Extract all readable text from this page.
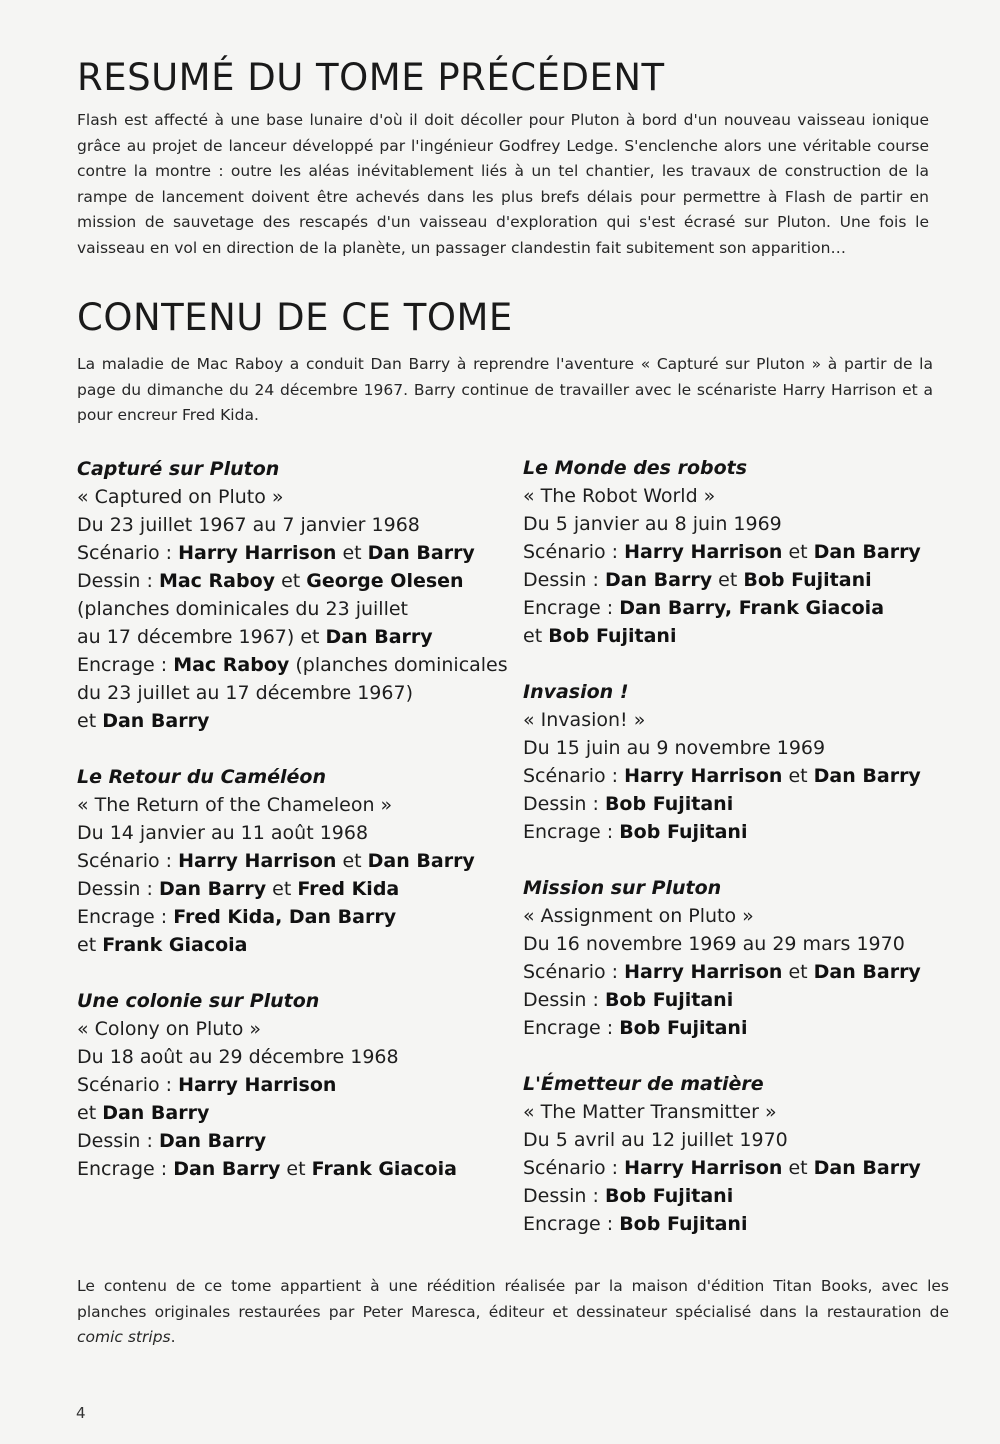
RESUMÉ DU TOME PRÉCÉDENT

Flash est affecté à une base lunaire d'où il doit décoller pour Pluton à bord d'un nouveau vaisseau ionique grâce au projet de lanceur développé par l'ingénieur Godfrey Ledge. S'enclenche alors une véritable course contre la montre : outre les aléas inévitablement liés à un tel chantier, les travaux de construction de la rampe de lancement doivent être achevés dans les plus brefs délais pour permettre à Flash de partir en mission de sauvetage des rescapés d'un vaisseau d'exploration qui s'est écrasé sur Pluton. Une fois le vaisseau en vol en direction de la planète, un passager clandestin fait subitement son apparition…

CONTENU DE CE TOME

La maladie de Mac Raboy a conduit Dan Barry à reprendre l'aventure « Capturé sur Pluton » à partir de la page du dimanche du 24 décembre 1967. Barry continue de travailler avec le scénariste Harry Harrison et a pour encreur Fred Kida.

Capturé sur Pluton
« Captured on Pluto »
Du 23 juillet 1967 au 7 janvier 1968
Scénario : Harry Harrison et Dan Barry
Dessin : Mac Raboy et George Olesen
(planches dominicales du 23 juillet
au 17 décembre 1967) et Dan Barry
Encrage : Mac Raboy (planches dominicales
du 23 juillet au 17 décembre 1967)
et Dan Barry
Le Retour du Caméléon
« The Return of the Chameleon »
Du 14 janvier au 11 août 1968
Scénario : Harry Harrison et Dan Barry
Dessin : Dan Barry et Fred Kida
Encrage : Fred Kida, Dan Barry
et Frank Giacoia
Une colonie sur Pluton
« Colony on Pluto »
Du 18 août au 29 décembre 1968
Scénario : Harry Harrison
et Dan Barry
Dessin : Dan Barry
Encrage : Dan Barry et Frank Giacoia
Le Monde des robots
« The Robot World »
Du 5 janvier au 8 juin 1969
Scénario : Harry Harrison et Dan Barry
Dessin : Dan Barry et Bob Fujitani
Encrage : Dan Barry, Frank Giacoia
et Bob Fujitani
Invasion !
« Invasion! »
Du 15 juin au 9 novembre 1969
Scénario : Harry Harrison et Dan Barry
Dessin : Bob Fujitani
Encrage : Bob Fujitani
Mission sur Pluton
« Assignment on Pluto »
Du 16 novembre 1969 au 29 mars 1970
Scénario : Harry Harrison et Dan Barry
Dessin : Bob Fujitani
Encrage : Bob Fujitani
L'Émetteur de matière
« The Matter Transmitter »
Du 5 avril au 12 juillet 1970
Scénario : Harry Harrison et Dan Barry
Dessin : Bob Fujitani
Encrage : Bob Fujitani

Le contenu de ce tome appartient à une réédition réalisée par la maison d'édition Titan Books, avec les planches originales restaurées par Peter Maresca, éditeur et dessinateur spécialisé dans la restauration de comic strips.

4
